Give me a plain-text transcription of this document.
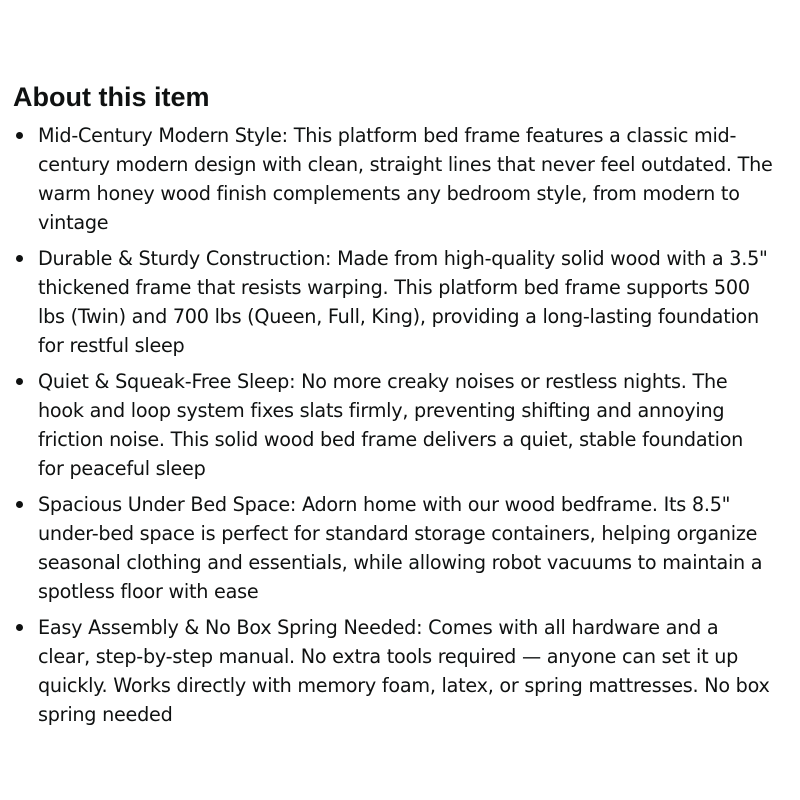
About this item
Mid-Century Modern Style: This platform bed frame features a classic mid-century modern design with clean, straight lines that never feel outdated. The warm honey wood finish complements any bedroom style, from modern to vintage
Durable & Sturdy Construction: Made from high-quality solid wood with a 3.5" thickened frame that resists warping. This platform bed frame supports 500 lbs (Twin) and 700 lbs (Queen, Full, King), providing a long-lasting foundation for restful sleep
Quiet & Squeak-Free Sleep: No more creaky noises or restless nights. The hook and loop system fixes slats firmly, preventing shifting and annoying friction noise. This solid wood bed frame delivers a quiet, stable foundation for peaceful sleep
Spacious Under Bed Space: Adorn home with our wood bedframe. Its 8.5" under-bed space is perfect for standard storage containers, helping organize seasonal clothing and essentials, while allowing robot vacuums to maintain a spotless floor with ease
Easy Assembly & No Box Spring Needed: Comes with all hardware and a clear, step-by-step manual. No extra tools required — anyone can set it up quickly. Works directly with memory foam, latex, or spring mattresses. No box spring needed
